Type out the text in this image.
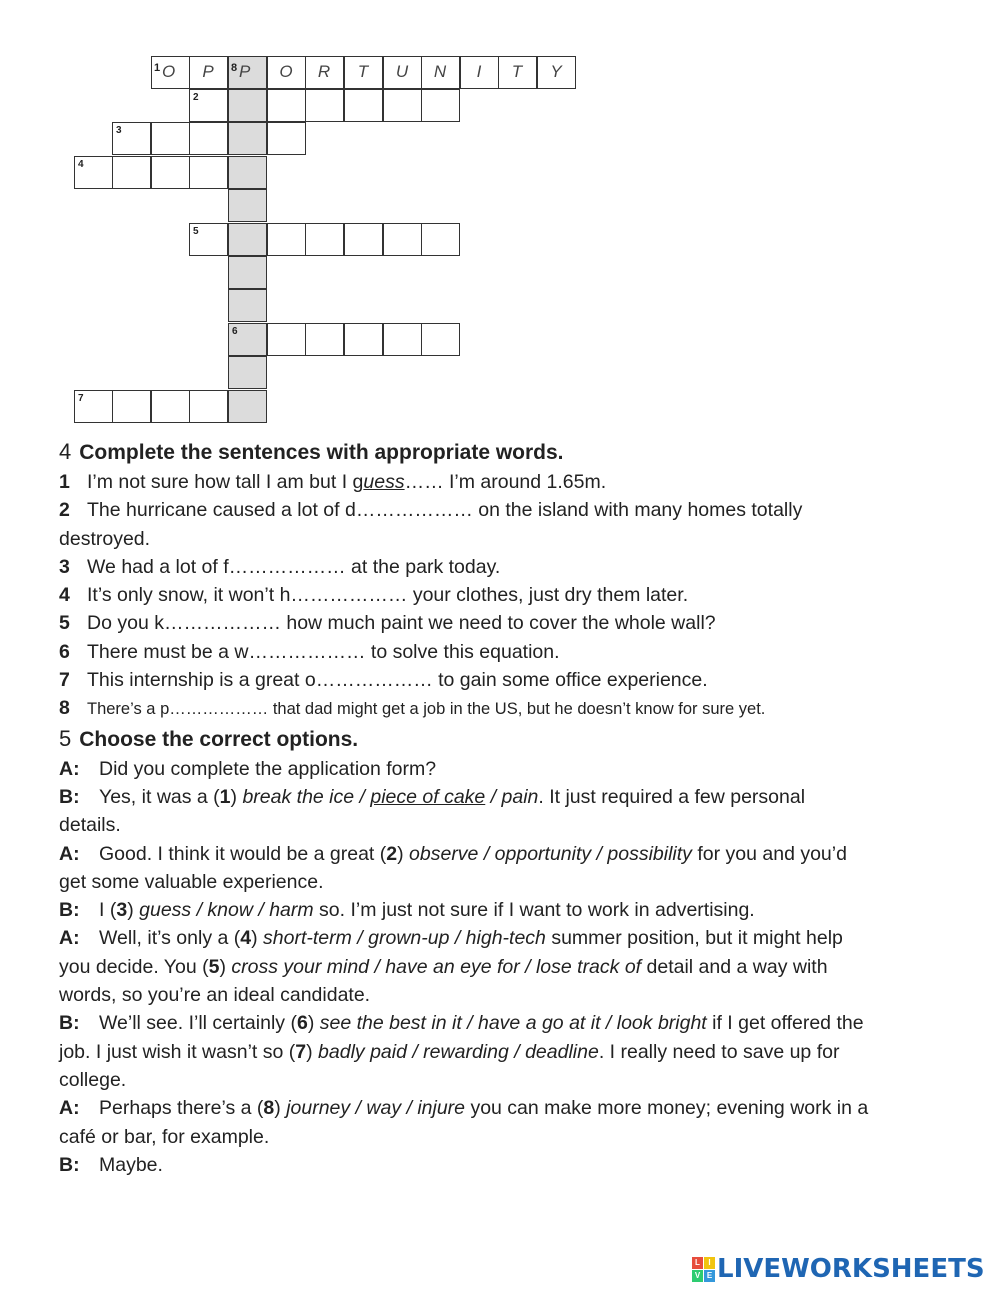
1 O	P	8 P	O	R	T	U	N	I	T	Y
2
3
4
5
6
7
4 Complete the sentences with appropriate words.
1 I’m not sure how tall I am but I guess…… I’m around 1.65m.
2 The hurricane caused a lot of d……………… on the island with many homes totally
destroyed.
3 We had a lot of f……………… at the park today.
4 It’s only snow, it won’t h……………… your clothes, just dry them later.
5 Do you k……………… how much paint we need to cover the whole wall?
6 There must be a w……………… to solve this equation.
7 This internship is a great o……………… to gain some office experience.
8 There’s a p……………… that dad might get a job in the US, but he doesn’t know for sure yet.
5 Choose the correct options.
A: Did you complete the application form?
B: Yes, it was a (1) break the ice / piece of cake / pain. It just required a few personal
details.
A: Good. I think it would be a great (2) observe / opportunity / possibility for you and you’d
get some valuable experience.
B: I (3) guess / know / harm so. I’m just not sure if I want to work in advertising.
A: Well, it’s only a (4) short-term / grown-up / high-tech summer position, but it might help
you decide. You (5) cross your mind / have an eye for / lose track of detail and a way with
words, so you’re an ideal candidate.
B: We’ll see. I’ll certainly (6) see the best in it / have a go at it / look bright if I get offered the
job. I just wish it wasn’t so (7) badly paid / rewarding / deadline. I really need to save up for
college.
A: Perhaps there’s a (8) journey / way / injure you can make more money; evening work in a
café or bar, for example.
B: Maybe.
L	I
V E LIVEWORKSHEETS
